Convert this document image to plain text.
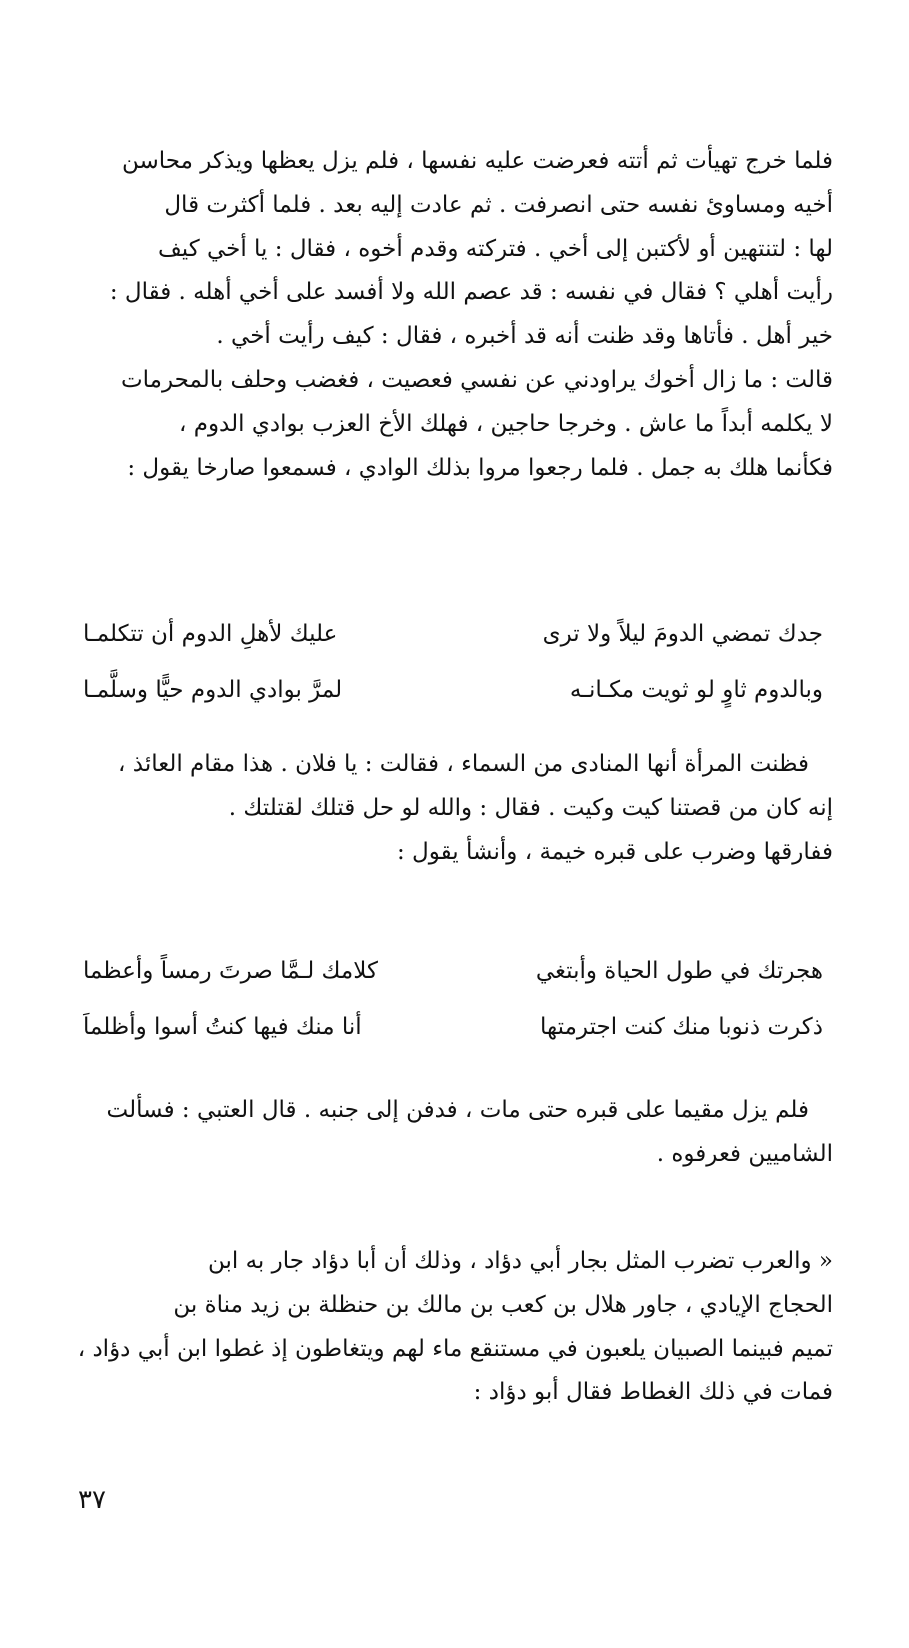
فلما خرج تهيأت ثم أتته فعرضت عليه نفسها ، فلم يزل يعظها ويذكر محاسن
أخيه ومساوئ نفسه حتى انصرفت . ثم عادت إليه بعد . فلما أكثرت قال
لها : لتنتهين أو لأكتبن إلى أخي . فتركته وقدم أخوه ، فقال : يا أخي كيف
رأيت أهلي ؟ فقال في نفسه : قد عصم الله ولا أفسد على أخي أهله . فقال :
خير أهل . فأتاها وقد ظنت أنه قد أخبره ، فقال : كيف رأيت أخي .
قالت : ما زال أخوك يراودني عن نفسي فعصيت ، فغضب وحلف بالمحرمات
لا يكلمه أبداً ما عاش . وخرجا حاجين ، فهلك الأخ العزب بوادي الدوم ،
فكأنما هلك به جمل . فلما رجعوا مروا بذلك الوادي ، فسمعوا صارخا يقول :
جدك تمضي الدومَ ليلاً ولا ترى
عليك لأهلِ الدوم أن تتكلمـا
وبالدوم ثاوٍ لو ثويت مكـانـه
لمرَّ بوادي الدوم حيًّا وسلَّمـا
فظنت المرأة أنها المنادى من السماء ، فقالت : يا فلان . هذا مقام العائذ ،
إنه كان من قصتنا كيت وكيت . فقال : والله لو حل قتلك لقتلتك .
ففارقها وضرب على قبره خيمة ، وأنشأ يقول :
هجرتك في طول الحياة وأبتغي
كلامك لـمَّا صرتَ رمساً وأعظما
ذكرت ذنوبا منك كنت اجترمتها
أنا منك فيها كنتُ أسوا وأظلماَ
فلم يزل مقيما على قبره حتى مات ، فدفن إلى جنبه . قال العتبي : فسألت
الشاميين فعرفوه .
« والعرب تضرب المثل بجار أبي دؤاد ، وذلك أن أبا دؤاد جار به ابن
الحجاج الإيادي ، جاور هلال بن كعب بن مالك بن حنظلة بن زيد مناة بن
تميم فبينما الصبيان يلعبون في مستنقع ماء لهم ويتغاطون إذ غطوا ابن أبي دؤاد ،
فمات في ذلك الغطاط فقال أبو دؤاد :
٣٧
